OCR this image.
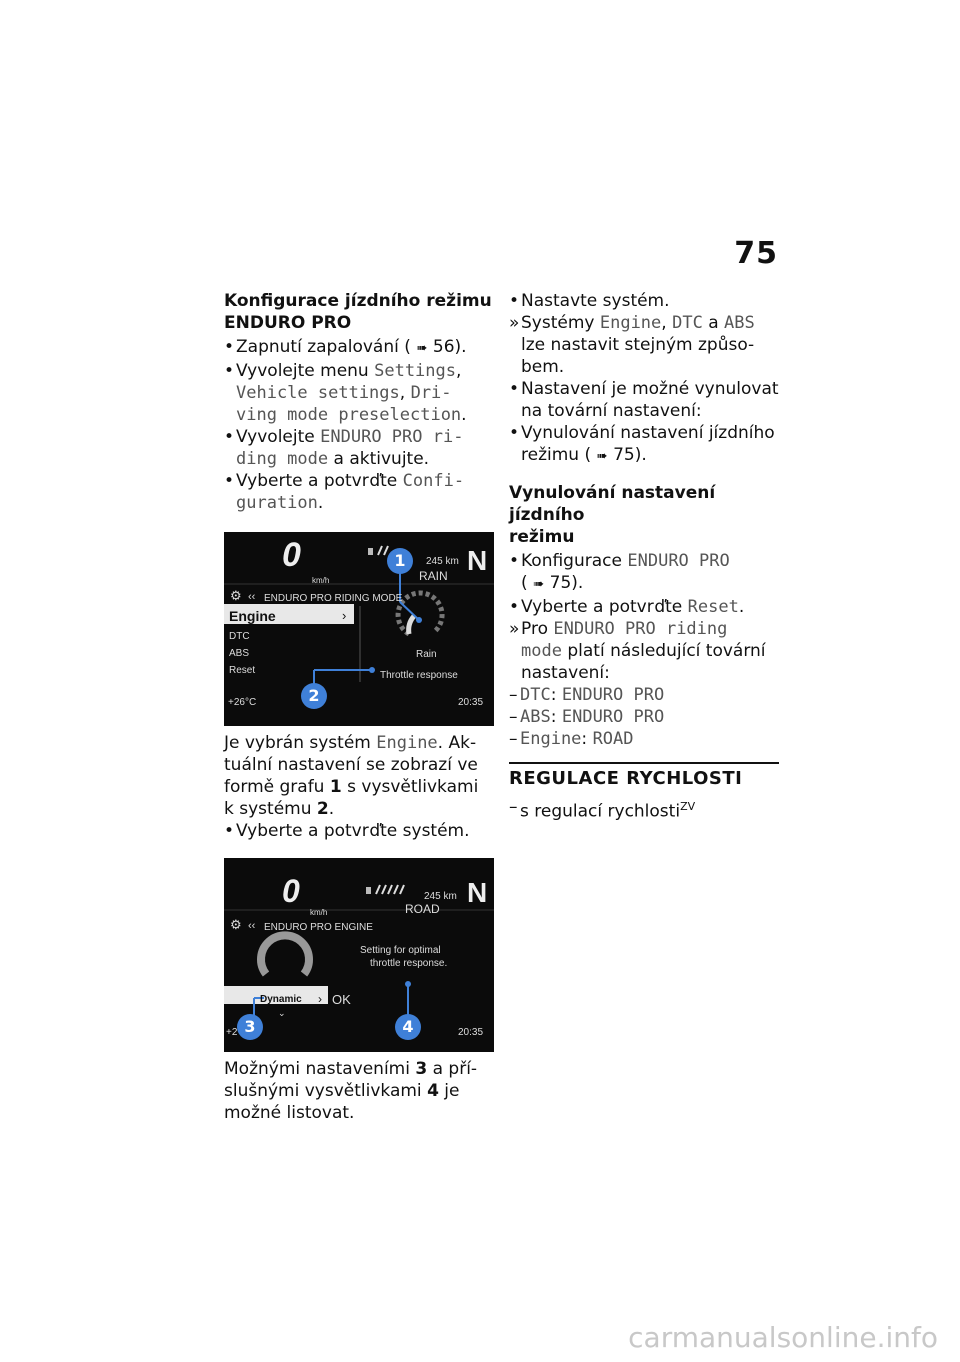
75

Konfigurace jízdního režimu
ENDURO PRO

• Zapnutí zapalování ( ➠ 56).

• Vyvolejte menu Settings,
Vehicle settings, Dri-
ving mode preselection.

• Vyvolejte ENDURO PRO ri-
ding mode a aktivujte.

• Vyberte a potvrďte Confi-
guration.

0
km/h
245 km
RAIN N
⚙ ‹‹ ENDURO PRO RIDING MODE
Engine	›
DTC
ABS
Reset
Rain
Throttle response
+26°C	20:35
1
2

Je vybrán systém Engine. Ak-
tuální nastavení se zobrazí ve
formě grafu 1 s vysvětlivkami
k systému 2.

• Vyberte a potvrďte systém.

0
km/h
245 km
ROAD
N
⚙ ‹‹ ENDURO PRO ENGINE
Setting for optimal
throttle response.
Dynamic ›
⌄
OK
+2	20:35
3	4

Možnými nastaveními 3 a pří-
slušnými vysvětlivkami 4 je
možné listovat.

• Nastavte systém.

» Systémy Engine, DTC a ABS
lze nastavit stejným způso-
bem.

• Nastavení je možné vynulovat
na tovární nastavení:

• Vynulování nastavení jízdního
režimu ( ➠ 75).

Vynulování nastavení jízdního
režimu

• Konfigurace ENDURO PRO
( ➠ 75).

• Vyberte a potvrďte Reset.

» Pro ENDURO PRO riding
mode platí následující tovární
nastavení:

– DTC: ENDURO PRO

– ABS: ENDURO PRO

– Engine: ROAD

REGULACE RYCHLOSTI

– s regulací rychlosti$^{ZV}$

carmanualsonline.info
